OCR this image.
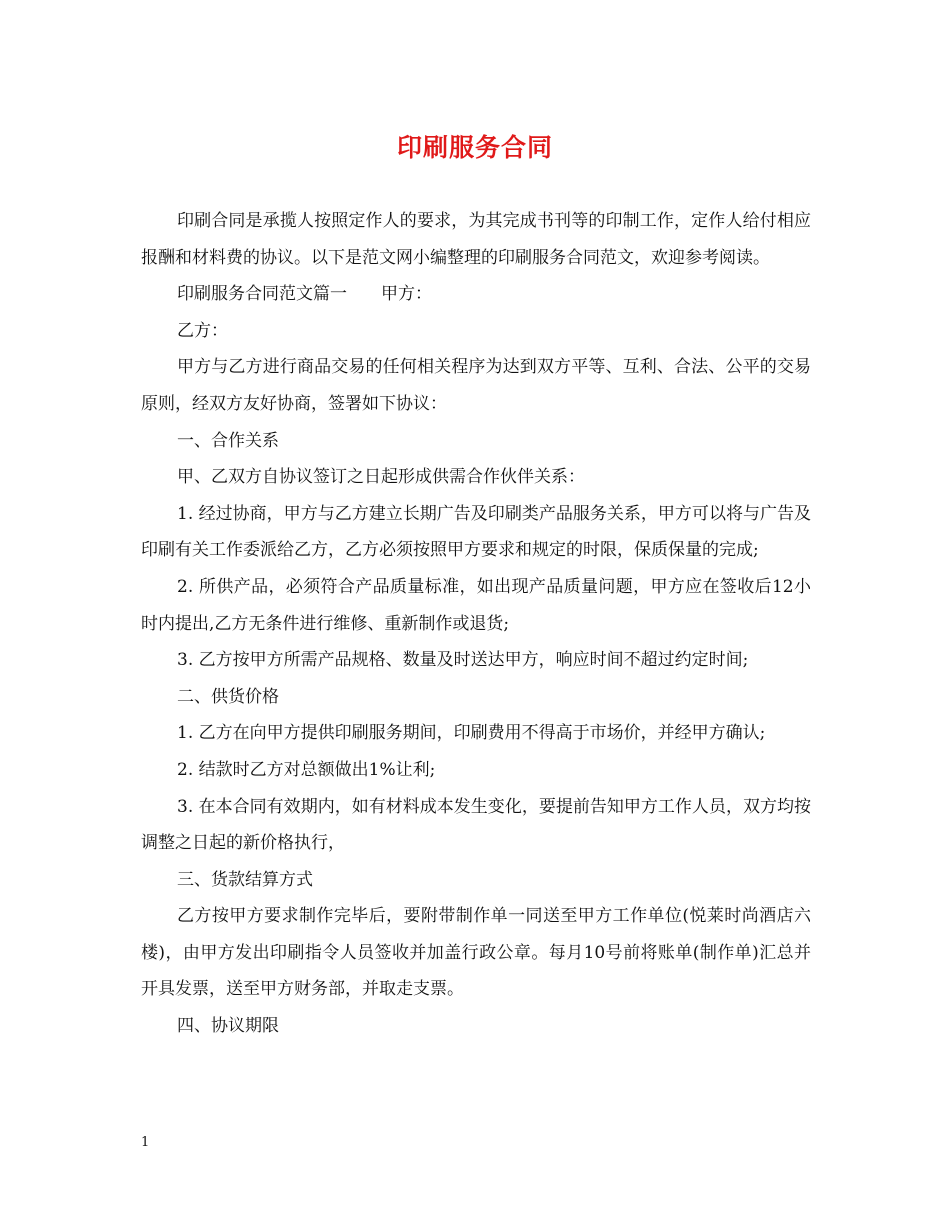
印刷服务合同

印刷合同是承揽人按照定作人的要求，为其完成书刊等的印制工作，定作人给付相应报酬和材料费的协议。以下是范文网小编整理的印刷服务合同范文，欢迎参考阅读。

印刷服务合同范文篇一　　甲方：

乙方：

甲方与乙方进行商品交易的任何相关程序为达到双方平等、互利、合法、公平的交易原则，经双方友好协商，签署如下协议：

一、合作关系

甲、乙双方自协议签订之日起形成供需合作伙伴关系：

1. 经过协商，甲方与乙方建立长期广告及印刷类产品服务关系，甲方可以将与广告及印刷有关工作委派给乙方，乙方必须按照甲方要求和规定的时限，保质保量的完成;

2. 所供产品，必须符合产品质量标准，如出现产品质量问题，甲方应在签收后12小时内提出,乙方无条件进行维修、重新制作或退货;

3. 乙方按甲方所需产品规格、数量及时送达甲方，响应时间不超过约定时间;

二、供货价格

1. 乙方在向甲方提供印刷服务期间，印刷费用不得高于市场价，并经甲方确认;

2. 结款时乙方对总额做出1%让利;

3. 在本合同有效期内，如有材料成本发生变化，要提前告知甲方工作人员，双方均按调整之日起的新价格执行，

三、货款结算方式

乙方按甲方要求制作完毕后，要附带制作单一同送至甲方工作单位(悦莱时尚酒店六楼)，由甲方发出印刷指令人员签收并加盖行政公章。每月10号前将账单(制作单)汇总并开具发票，送至甲方财务部，并取走支票。

四、协议期限

1
